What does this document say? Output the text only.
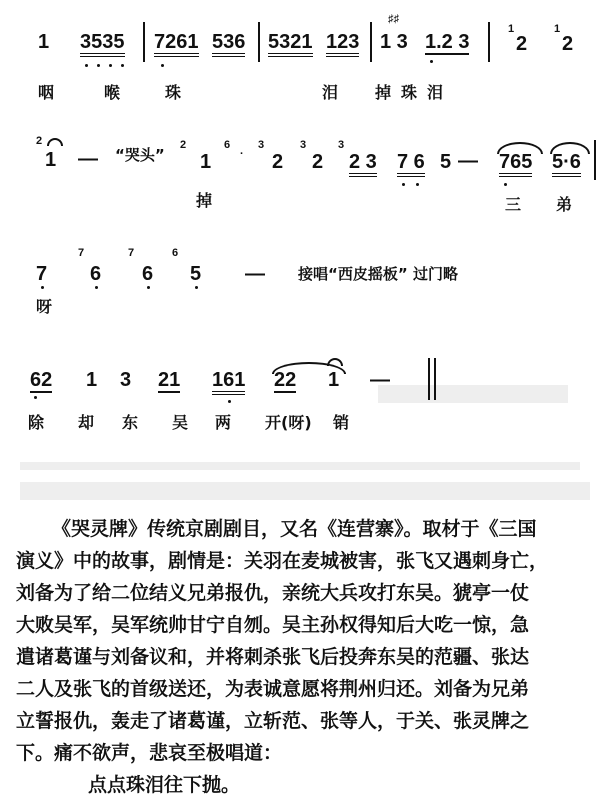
1 3535 7261 536 5321 123
♯♯
1 3 1.2 3
1
2
1
2
咽	喉	珠	泪 掉珠泪
2
1 — “哭头”
2
1
6 . 3
2
3
2
3
2 3 7 6 5 — 765 5·6
掉	三 弟
7
7
6
7
6
6
5 — 接唱“西皮摇板” 过门略
呀
62 1 3 21 161 22 1 —
除 却 东 吴 两 开(呀) 销
《哭灵牌》传统京剧剧目，又名《连营寨》。取材于《三国
演义》中的故事，剧情是：关羽在麦城被害，张飞又遇刺身亡，
刘备为了给二位结义兄弟报仇，亲统大兵攻打东吴。猇亭一仗
大败吴军，吴军统帅甘宁自刎。吴主孙权得知后大吃一惊，急
遣诸葛谨与刘备议和，并将刺杀张飞后投奔东吴的范疆、张达
二人及张飞的首级送还，为表诚意愿将荆州归还。刘备为兄弟
立誓报仇，轰走了诸葛谨，立斩范、张等人，于关、张灵牌之
下。痛不欲声，悲哀至极唱道：
点点珠泪往下抛。
